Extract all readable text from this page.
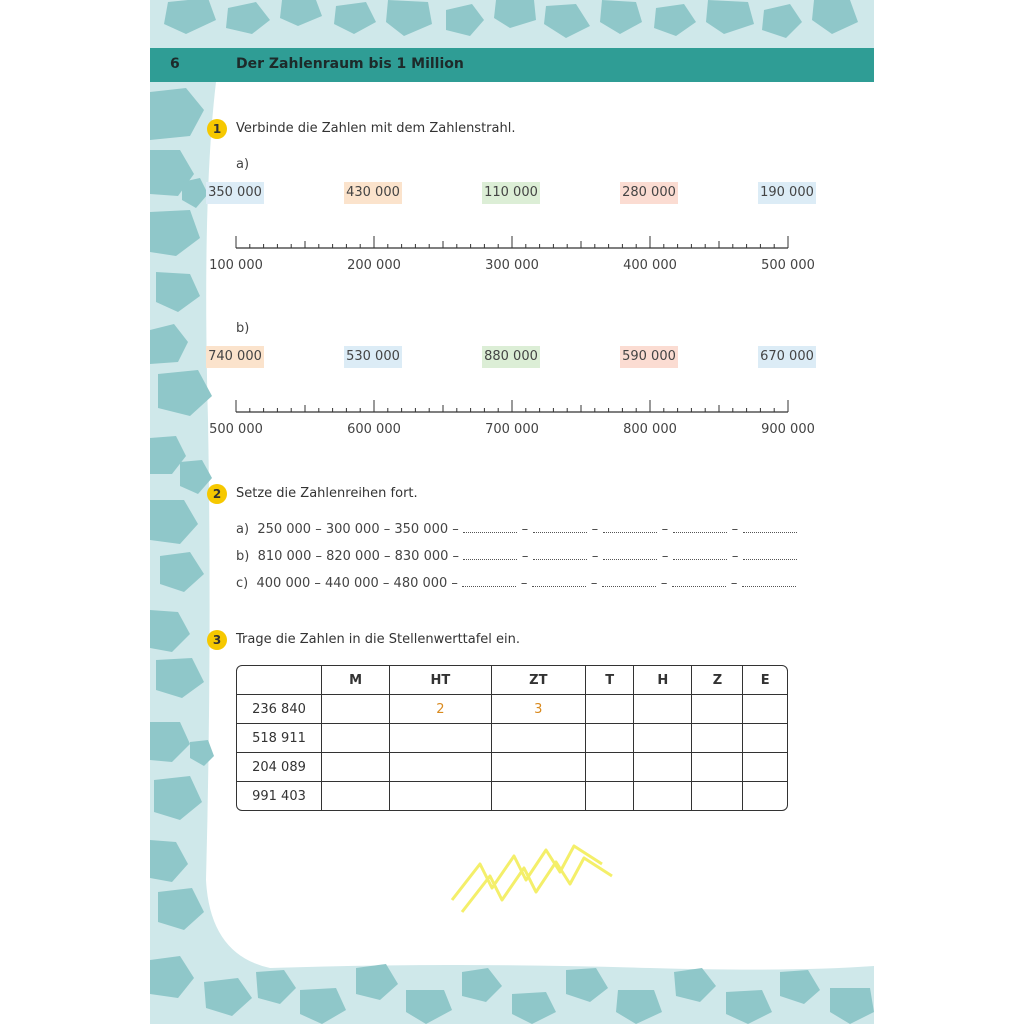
6	Der Zahlenraum bis 1 Million
1	Verbinde die Zahlen mit dem Zahlenstrahl.
a)
350 000	430 000	110 000	280 000	190 000
100 000	200 000	300 000	400 000	500 000
b)
740 000	530 000	880 000	590 000	670 000
500 000	600 000	700 000	800 000	900 000
2	Setze die Zahlenreihen fort.
a) 250 000 – 300 000 – 350 000 –	–	–	–	–
b) 810 000 – 820 000 – 830 000 –	–	–	–	–
c) 400 000 – 440 000 – 480 000 –	–	–	–	–
3	Trage die Zahlen in die Stellenwerttafel ein.
	M	HT	ZT	T	H	Z	E
236 840		2	3				
518 911							
204 089							
991 403							
